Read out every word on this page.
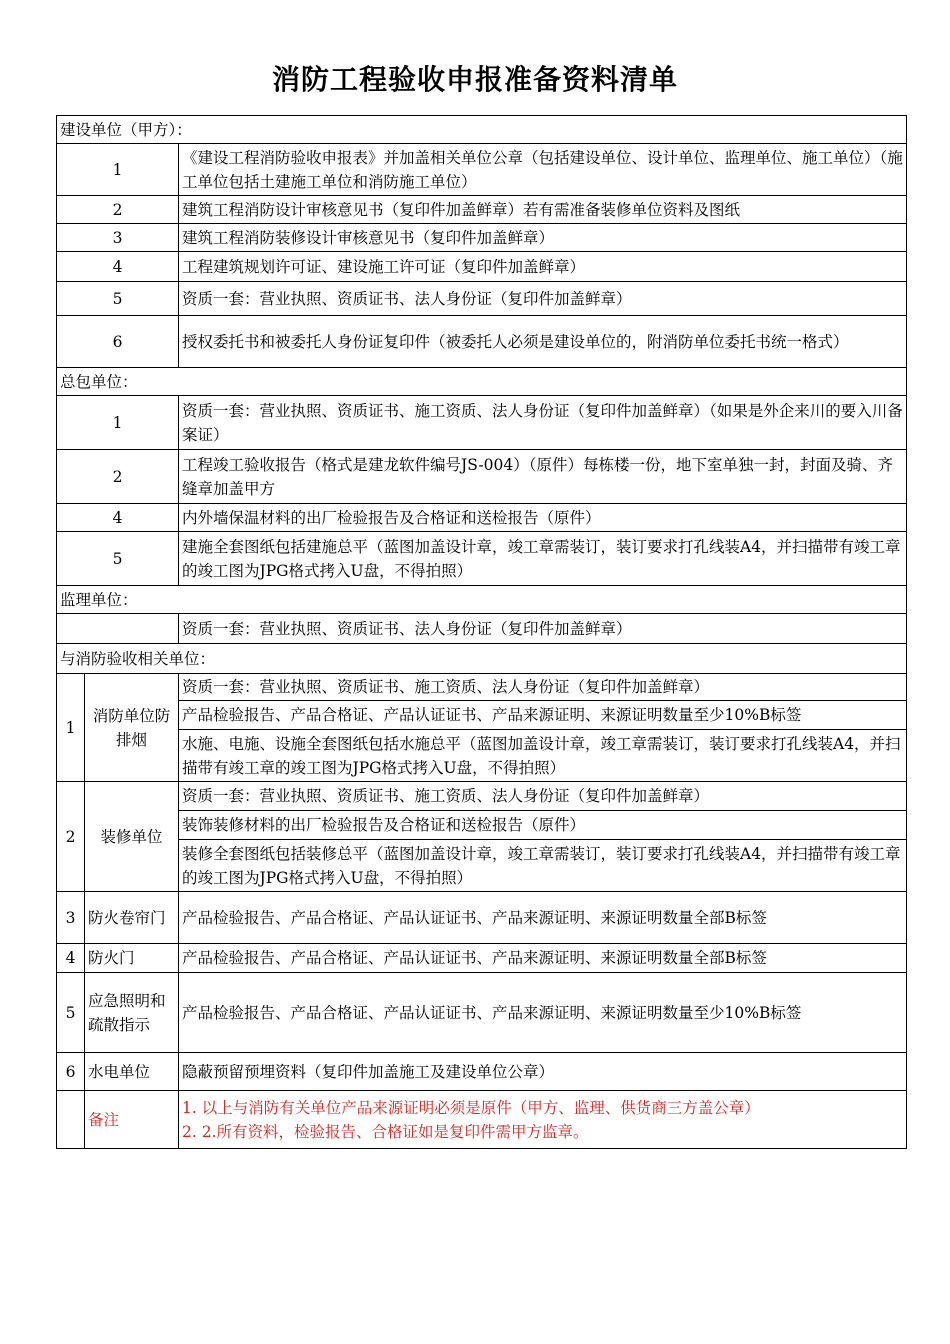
消防工程验收申报准备资料清单
建设单位（甲方）：		
1		《建设工程消防验收申报表》并加盖相关单位公章（包括建设单位、设计单位、监理单位、施工单位）（施工单位包括土建施工单位和消防施工单位）
2		建筑工程消防设计审核意见书（复印件加盖鲜章）若有需准备装修单位资料及图纸
3		建筑工程消防装修设计审核意见书（复印件加盖鲜章）
4		工程建筑规划许可证、建设施工许可证（复印件加盖鲜章）
5		资质一套：营业执照、资质证书、法人身份证（复印件加盖鲜章）
6		授权委托书和被委托人身份证复印件（被委托人必须是建设单位的，附消防单位委托书统一格式）
总包单位：		
1		资质一套：营业执照、资质证书、施工资质、法人身份证（复印件加盖鲜章）（如果是外企来川的要入川备案证）
2		工程竣工验收报告（格式是建龙软件编号JS-004）（原件）每栋楼一份，地下室单独一封，封面及骑、齐缝章加盖甲方
4		内外墙保温材料的出厂检验报告及合格证和送检报告（原件）
5		建施全套图纸包括建施总平（蓝图加盖设计章，竣工章需装订，装订要求打孔线装A4，并扫描带有竣工章的竣工图为JPG格式拷入U盘，不得拍照）
监理单位：		
		资质一套：营业执照、资质证书、法人身份证（复印件加盖鲜章）
与消防验收相关单位：		
1	消防单位防排烟	资质一套：营业执照、资质证书、施工资质、法人身份证（复印件加盖鲜章）
		产品检验报告、产品合格证、产品认证证书、产品来源证明、来源证明数量至少10%B标签
		水施、电施、设施全套图纸包括水施总平（蓝图加盖设计章，竣工章需装订，装订要求打孔线装A4，并扫描带有竣工章的竣工图为JPG格式拷入U盘，不得拍照）
2	装修单位	资质一套：营业执照、资质证书、施工资质、法人身份证（复印件加盖鲜章）
		装饰装修材料的出厂检验报告及合格证和送检报告（原件）
		装修全套图纸包括装修总平（蓝图加盖设计章，竣工章需装订，装订要求打孔线装A4，并扫描带有竣工章的竣工图为JPG格式拷入U盘，不得拍照）
3	防火卷帘门	产品检验报告、产品合格证、产品认证证书、产品来源证明、来源证明数量全部B标签
4	防火门	产品检验报告、产品合格证、产品认证证书、产品来源证明、来源证明数量全部B标签
5	应急照明和疏散指示	产品检验报告、产品合格证、产品认证证书、产品来源证明、来源证明数量至少10%B标签
6	水电单位	隐蔽预留预埋资料（复印件加盖施工及建设单位公章）
	备注	1. 以上与消防有关单位产品来源证明必须是原件（甲方、监理、供货商三方盖公章）
2. 2.所有资料，检验报告、合格证如是复印件需甲方监章。
